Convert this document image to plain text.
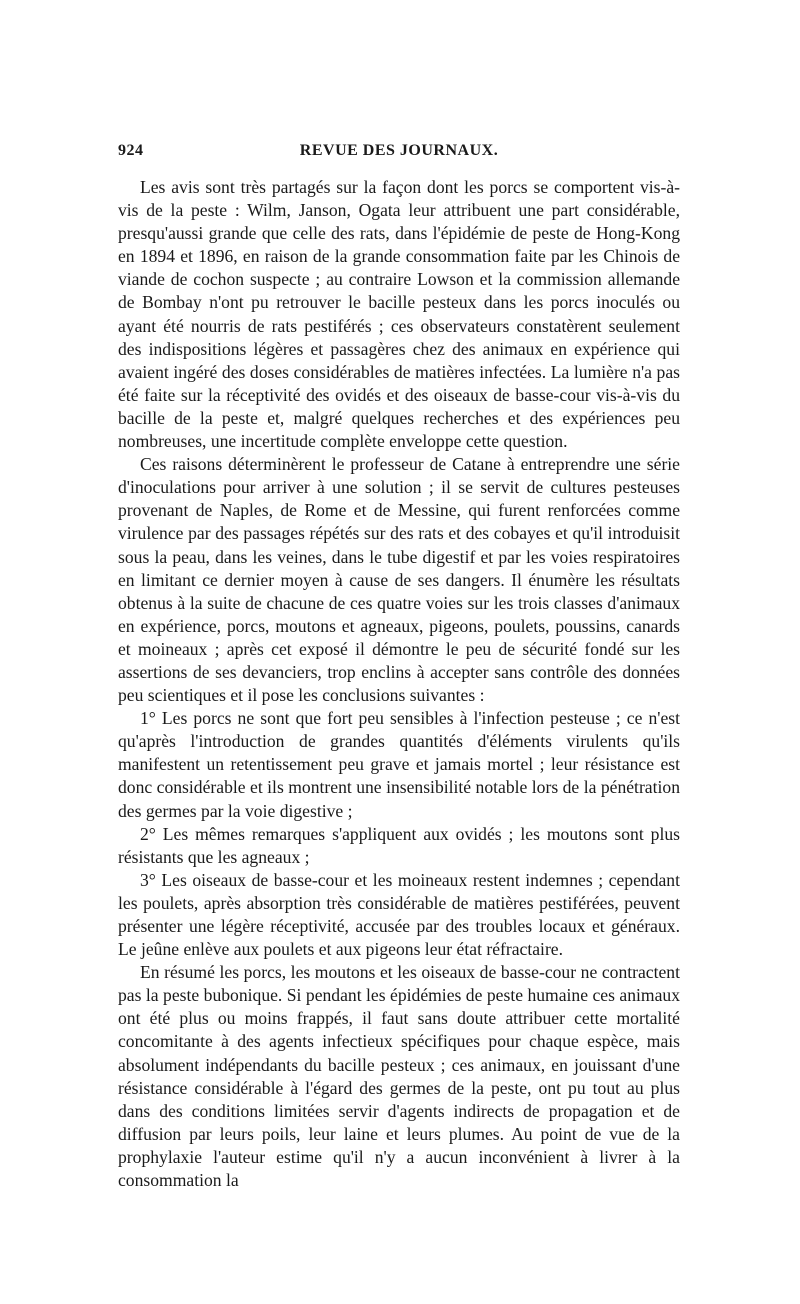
924	REVUE DES JOURNAUX.

Les avis sont très partagés sur la façon dont les porcs se comportent vis-à-vis de la peste : Wilm, Janson, Ogata leur attribuent une part considérable, presqu'aussi grande que celle des rats, dans l'épidémie de peste de Hong-Kong en 1894 et 1896, en raison de la grande consommation faite par les Chinois de viande de cochon suspecte ; au contraire Lowson et la commission allemande de Bombay n'ont pu retrouver le bacille pesteux dans les porcs inoculés ou ayant été nourris de rats pestiférés ; ces observateurs constatèrent seulement des indispositions légères et passagères chez des animaux en expérience qui avaient ingéré des doses considérables de matières infectées. La lumière n'a pas été faite sur la réceptivité des ovidés et des oiseaux de basse-cour vis-à-vis du bacille de la peste et, malgré quelques recherches et des expériences peu nombreuses, une incertitude complète enveloppe cette question.

Ces raisons déterminèrent le professeur de Catane à entreprendre une série d'inoculations pour arriver à une solution ; il se servit de cultures pesteuses provenant de Naples, de Rome et de Messine, qui furent renforcées comme virulence par des passages répétés sur des rats et des cobayes et qu'il introduisit sous la peau, dans les veines, dans le tube digestif et par les voies respiratoires en limitant ce dernier moyen à cause de ses dangers. Il énumère les résultats obtenus à la suite de chacune de ces quatre voies sur les trois classes d'animaux en expérience, porcs, moutons et agneaux, pigeons, poulets, poussins, canards et moineaux ; après cet exposé il démontre le peu de sécurité fondé sur les assertions de ses devanciers, trop enclins à accepter sans contrôle des données peu scientiques et il pose les conclusions suivantes :

1° Les porcs ne sont que fort peu sensibles à l'infection pesteuse ; ce n'est qu'après l'introduction de grandes quantités d'éléments virulents qu'ils manifestent un retentissement peu grave et jamais mortel ; leur résistance est donc considérable et ils montrent une insensibilité notable lors de la pénétration des germes par la voie digestive ;

2° Les mêmes remarques s'appliquent aux ovidés ; les moutons sont plus résistants que les agneaux ;

3° Les oiseaux de basse-cour et les moineaux restent indemnes ; cependant les poulets, après absorption très considérable de matières pestiférées, peuvent présenter une légère réceptivité, accusée par des troubles locaux et généraux. Le jeûne enlève aux poulets et aux pigeons leur état réfractaire.

En résumé les porcs, les moutons et les oiseaux de basse-cour ne contractent pas la peste bubonique. Si pendant les épidémies de peste humaine ces animaux ont été plus ou moins frappés, il faut sans doute attribuer cette mortalité concomitante à des agents infectieux spécifiques pour chaque espèce, mais absolument indépendants du bacille pesteux ; ces animaux, en jouissant d'une résistance considérable à l'égard des germes de la peste, ont pu tout au plus dans des conditions limitées servir d'agents indirects de propagation et de diffusion par leurs poils, leur laine et leurs plumes. Au point de vue de la prophylaxie l'auteur estime qu'il n'y a aucun inconvénient à livrer à la consommation la
